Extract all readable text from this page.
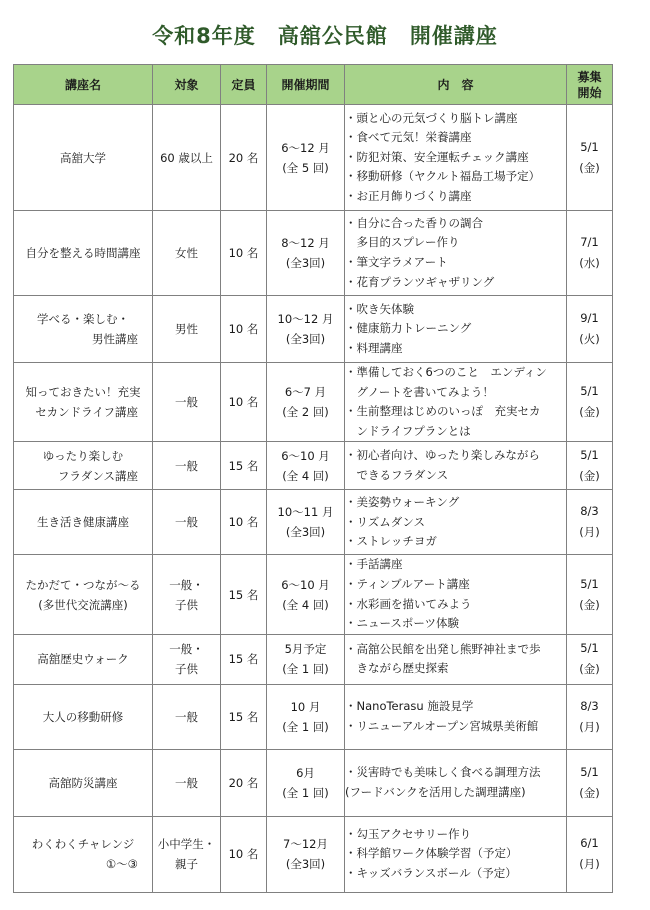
令和8年度 高舘公民館 開催講座
講座名	対象	定員	開催期間	内　容	募集
開始

高舘大学	60 歳以上	20 名	6～12 月
(全 5 回)	・頭と心の元気づくり脳トレ講座
・食べて元気！栄養講座
・防犯対策、安全運転チェック講座
・移動研修（ヤクルト福島工場予定）
・お正月飾りづくり講座	5/1
(金)

自分を整える時間講座	女性	10 名	8～12 月
(全3回)	・自分に合った香りの調合
　多目的スプレー作り
・筆文字ラメアート
・花育プランツギャザリング	7/1
(水)

学べる・楽しむ・
男性講座	男性	10 名	10～12 月
(全3回)	・吹き矢体験
・健康筋力トレーニング
・料理講座	9/1
(火)

知っておきたい！充実
セカンドライフ講座	一般	10 名	6～7 月
(全 2 回)	・準備しておく6つのこと　エンディン
　グノートを書いてみよう！
・生前整理はじめのいっぽ　充実セカ
　ンドライフプランとは	5/1
(金)

ゆったり楽しむ
フラダンス講座	一般	15 名	6～10 月
(全 4 回)	・初心者向け、ゆったり楽しみながら
　できるフラダンス	5/1
(金)

生き活き健康講座	一般	10 名	10～11 月
(全3回)	・美姿勢ウォーキング
・リズムダンス
・ストレッチヨガ	8/3
(月)

たかだて・つなが～る
(多世代交流講座)	一般・
子供	15 名	6～10 月
(全 4 回)	・手話講座
・ティンブルアート講座
・水彩画を描いてみよう
・ニュースポーツ体験	5/1
(金)

高舘歴史ウォーク	一般・
子供	15 名	5月予定
(全 1 回)	・高舘公民館を出発し熊野神社まで歩
　きながら歴史探索	5/1
(金)

大人の移動研修	一般	15 名	10 月
(全 1 回)	・NanoTerasu 施設見学
・リニューアルオープン宮城県美術館	8/3
(月)

高舘防災講座	一般	20 名	6月
(全 1 回)	・災害時でも美味しく食べる調理方法
(フードバンクを活用した調理講座)	5/1
(金)

わくわくチャレンジ
①～③	小中学生・
親子	10 名	7～12月
(全3回)	・勾玉アクセサリー作り
・科学館ワーク体験学習（予定）
・キッズバランスボール（予定）	6/1
(月)
